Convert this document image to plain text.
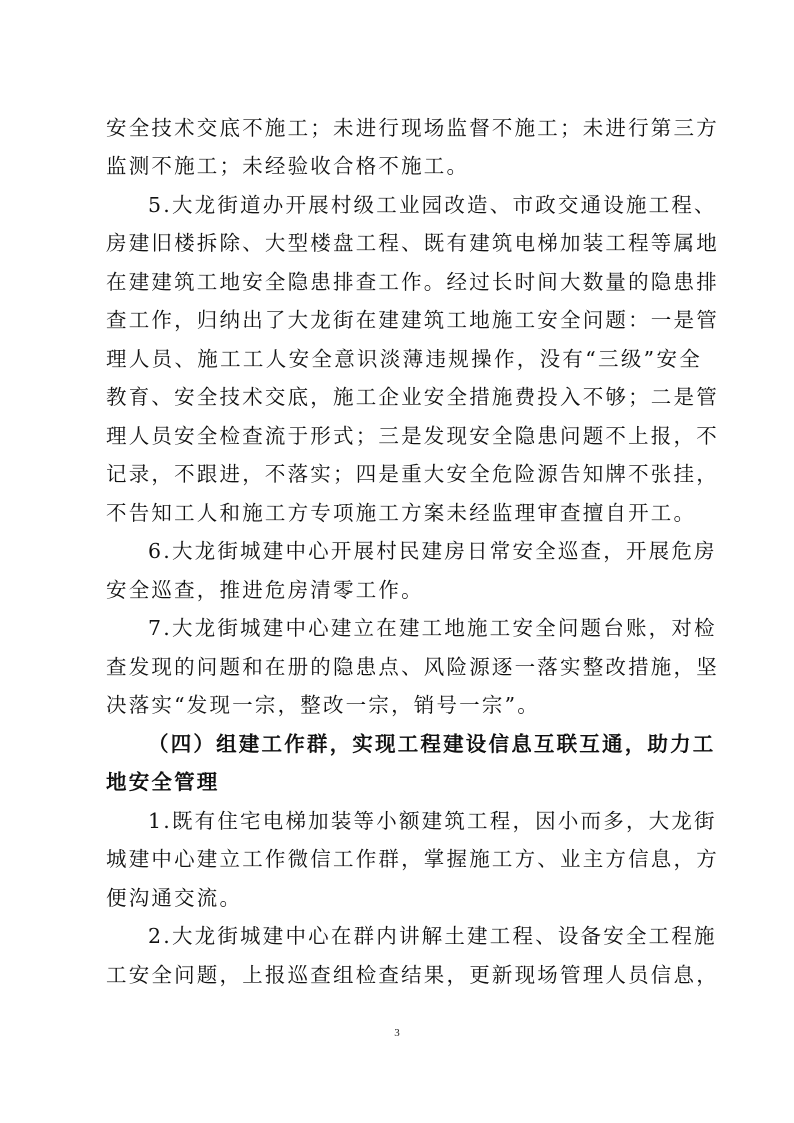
安全技术交底不施工；未进行现场监督不施工；未进行第三方
监测不施工；未经验收合格不施工。
5.大龙街道办开展村级工业园改造、市政交通设施工程、
房建旧楼拆除、大型楼盘工程、既有建筑电梯加装工程等属地
在建建筑工地安全隐患排查工作。经过长时间大数量的隐患排
查工作，归纳出了大龙街在建建筑工地施工安全问题：一是管
理人员、施工工人安全意识淡薄违规操作，没有“三级”安全
教育、安全技术交底，施工企业安全措施费投入不够；二是管
理人员安全检查流于形式；三是发现安全隐患问题不上报，不
记录，不跟进，不落实；四是重大安全危险源告知牌不张挂，
不告知工人和施工方专项施工方案未经监理审查擅自开工。
6.大龙街城建中心开展村民建房日常安全巡查，开展危房
安全巡查，推进危房清零工作。
7.大龙街城建中心建立在建工地施工安全问题台账，对检
查发现的问题和在册的隐患点、风险源逐一落实整改措施，坚
决落实“发现一宗，整改一宗，销号一宗”。
（四）组建工作群，实现工程建设信息互联互通，助力工
地安全管理
1.既有住宅电梯加装等小额建筑工程，因小而多，大龙街
城建中心建立工作微信工作群，掌握施工方、业主方信息，方
便沟通交流。
2.大龙街城建中心在群内讲解土建工程、设备安全工程施
工安全问题，上报巡查组检查结果，更新现场管理人员信息，
3
